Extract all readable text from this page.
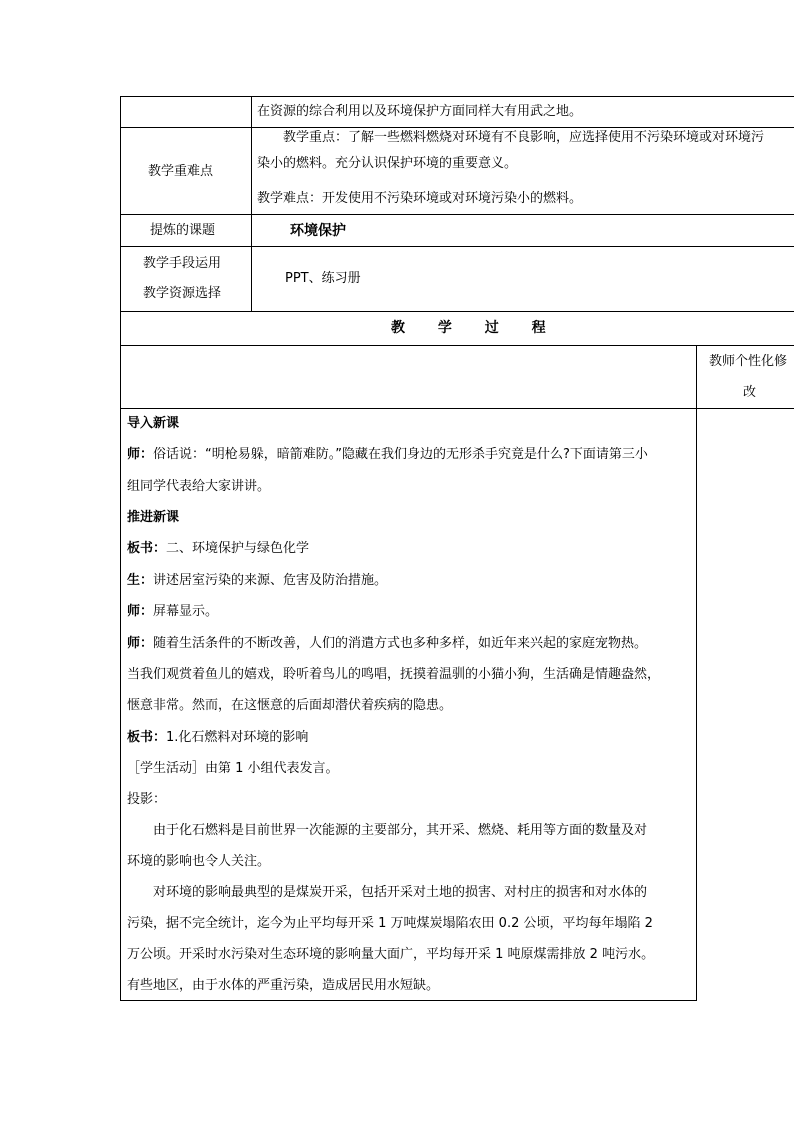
在资源的综合利用以及环境保护方面同样大有用武之地。
教学重难点
教学重点：了解一些燃料燃烧对环境有不良影响，应选择使用不污染环境或对环境污
染小的燃料。充分认识保护环境的重要意义。
教学难点：开发使用不污染环境或对环境污染小的燃料。
提炼的课题	环境保护
教学手段运用
教学资源选择
PPT、练习册
教 学 过 程
教师个性化修
改
导入新课
师：俗话说：“明枪易躲，暗箭难防。”隐藏在我们身边的无形杀手究竟是什么?下面请第三小
组同学代表给大家讲讲。
推进新课
板书：二、环境保护与绿色化学
生：讲述居室污染的来源、危害及防治措施。
师：屏幕显示。
师：随着生活条件的不断改善，人们的消遣方式也多种多样，如近年来兴起的家庭宠物热。
当我们观赏着鱼儿的嬉戏，聆听着鸟儿的鸣唱，抚摸着温驯的小猫小狗，生活确是情趣盎然，
惬意非常。然而，在这惬意的后面却潜伏着疾病的隐患。
板书：1.化石燃料对环境的影响
［学生活动］由第 1 小组代表发言。
投影：
由于化石燃料是目前世界一次能源的主要部分，其开采、燃烧、耗用等方面的数量及对
环境的影响也令人关注。
对环境的影响最典型的是煤炭开采，包括开采对土地的损害、对村庄的损害和对水体的
污染，据不完全统计，迄今为止平均每开采 1 万吨煤炭塌陷农田 0.2 公顷，平均每年塌陷 2
万公顷。开采时水污染对生态环境的影响量大面广，平均每开采 1 吨原煤需排放 2 吨污水。
有些地区，由于水体的严重污染，造成居民用水短缺。
